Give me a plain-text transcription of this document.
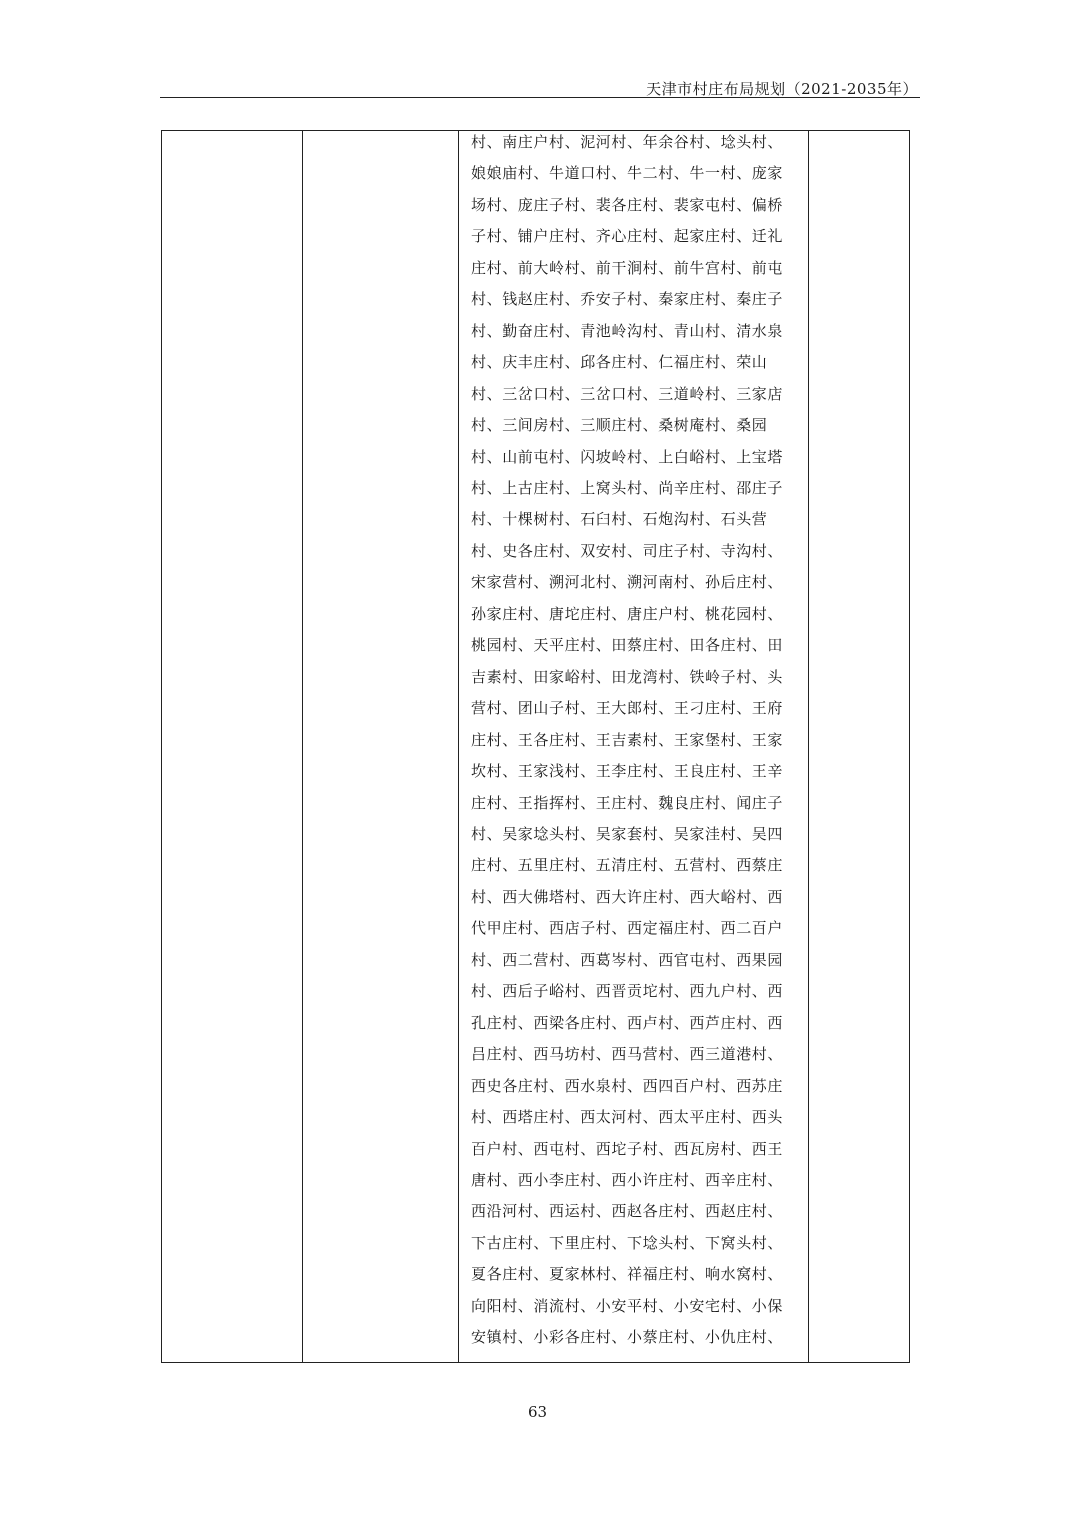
天津市村庄布局规划（2021-2035年）
村、南庄户村、泥河村、年余谷村、埝头村、
娘娘庙村、牛道口村、牛二村、牛一村、庞家
场村、庞庄子村、裴各庄村、裴家屯村、偏桥
子村、铺户庄村、齐心庄村、起家庄村、迁礼
庄村、前大岭村、前干涧村、前牛宫村、前屯
村、钱赵庄村、乔安子村、秦家庄村、秦庄子
村、勤奋庄村、青池岭沟村、青山村、清水泉
村、庆丰庄村、邱各庄村、仁福庄村、荣山
村、三岔口村、三岔口村、三道岭村、三家店
村、三间房村、三顺庄村、桑树庵村、桑园
村、山前屯村、闪坡岭村、上白峪村、上宝塔
村、上古庄村、上窝头村、尚辛庄村、邵庄子
村、十棵树村、石臼村、石炮沟村、石头营
村、史各庄村、双安村、司庄子村、寺沟村、
宋家营村、溯河北村、溯河南村、孙后庄村、
孙家庄村、唐坨庄村、唐庄户村、桃花园村、
桃园村、天平庄村、田蔡庄村、田各庄村、田
吉素村、田家峪村、田龙湾村、铁岭子村、头
营村、团山子村、王大郎村、王刁庄村、王府
庄村、王各庄村、王吉素村、王家堡村、王家
坎村、王家浅村、王李庄村、王良庄村、王辛
庄村、王指挥村、王庄村、魏良庄村、闻庄子
村、吴家埝头村、吴家套村、吴家洼村、吴四
庄村、五里庄村、五清庄村、五营村、西蔡庄
村、西大佛塔村、西大许庄村、西大峪村、西
代甲庄村、西店子村、西定福庄村、西二百户
村、西二营村、西葛岑村、西官屯村、西果园
村、西后子峪村、西晋贡坨村、西九户村、西
孔庄村、西梁各庄村、西卢村、西芦庄村、西
吕庄村、西马坊村、西马营村、西三道港村、
西史各庄村、西水泉村、西四百户村、西苏庄
村、西塔庄村、西太河村、西太平庄村、西头
百户村、西屯村、西坨子村、西瓦房村、西王
唐村、西小李庄村、西小许庄村、西辛庄村、
西沿河村、西运村、西赵各庄村、西赵庄村、
下古庄村、下里庄村、下埝头村、下窝头村、
夏各庄村、夏家林村、祥福庄村、响水窝村、
向阳村、消流村、小安平村、小安宅村、小保
安镇村、小彩各庄村、小蔡庄村、小仇庄村、
63
